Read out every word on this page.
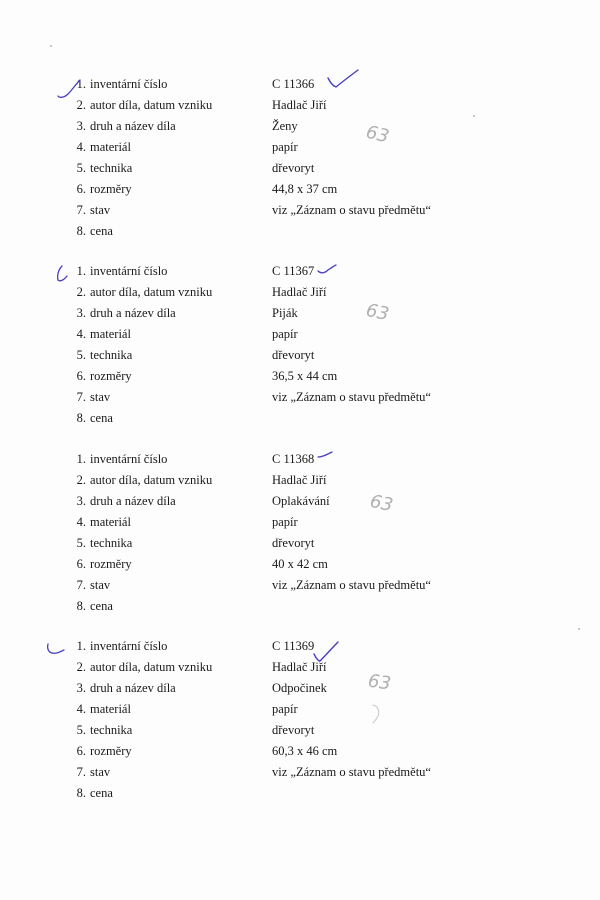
1. inventární číslo	C 11366
2. autor díla, datum vzniku	Hadlač Jiří
3. druh a název díla	Ženy
4. materiál	papír
5. technika	dřevoryt
6. rozměry	44,8 x 37 cm
7. stav	viz „Záznam o stavu předmětu“
8. cena
1. inventární číslo	C 11367
2. autor díla, datum vzniku	Hadlač Jiří
3. druh a název díla	Piják
4. materiál	papír
5. technika	dřevoryt
6. rozměry	36,5 x 44 cm
7. stav	viz „Záznam o stavu předmětu“
8. cena
1. inventární číslo	C 11368
2. autor díla, datum vzniku	Hadlač Jiří
3. druh a název díla	Oplakávání
4. materiál	papír
5. technika	dřevoryt
6. rozměry	40 x 42 cm
7. stav	viz „Záznam o stavu předmětu“
8. cena
1. inventární číslo	C 11369
2. autor díla, datum vzniku	Hadlač Jiří
3. druh a název díla	Odpočinek
4. materiál	papír
5. technika	dřevoryt
6. rozměry	60,3 x 46 cm
7. stav	viz „Záznam o stavu předmětu“
8. cena
63
63
63
63
